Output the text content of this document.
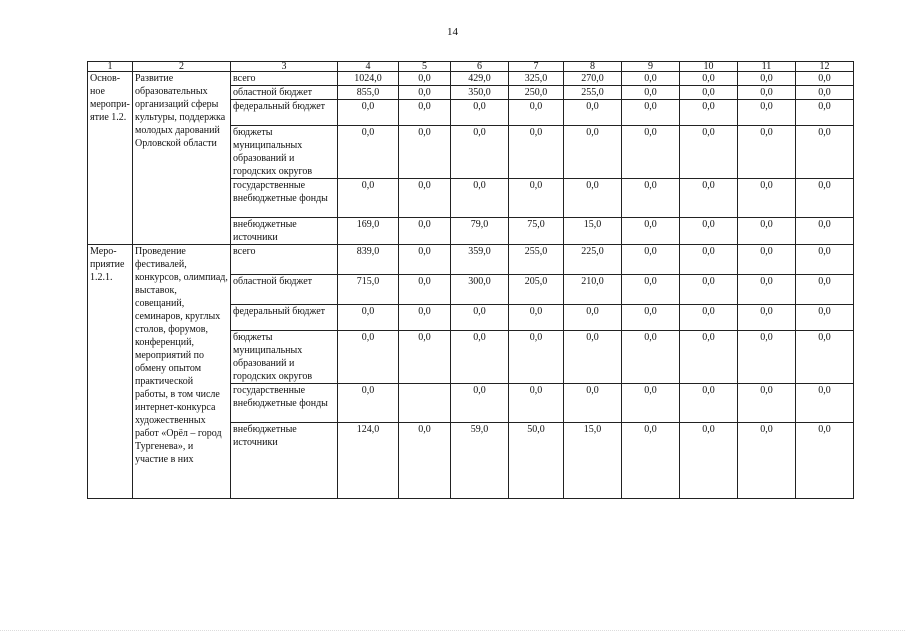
14
1	2	3	4	5	6	7	8	9	10	11	12
Основ-ное меропри-ятие 1.2.	Развитие образовательных организаций сферы культуры, поддержка молодых дарований Орловской области	всего	1024,0	0,0	429,0	325,0	270,0	0,0	0,0	0,0	0,0
		областной бюджет	855,0	0,0	350,0	250,0	255,0	0,0	0,0	0,0	0,0
		федеральный бюджет	0,0	0,0	0,0	0,0	0,0	0,0	0,0	0,0	0,0
		бюджеты муниципальных образований и городских округов	0,0	0,0	0,0	0,0	0,0	0,0	0,0	0,0	0,0
		государственные внебюджетные фонды	0,0	0,0	0,0	0,0	0,0	0,0	0,0	0,0	0,0
		внебюджетные источники	169,0	0,0	79,0	75,0	15,0	0,0	0,0	0,0	0,0
Меро-приятие 1.2.1.	Проведение фестивалей, конкурсов, олимпиад, выставок, совещаний, семинаров, круглых столов, форумов, конференций, мероприятий по обмену опытом практической работы, в том числе интернет-конкурса художественных работ «Орёл – город Тургенева», и участие в них	всего	839,0	0,0	359,0	255,0	225,0	0,0	0,0	0,0	0,0
		областной бюджет	715,0	0,0	300,0	205,0	210,0	0,0	0,0	0,0	0,0
		федеральный бюджет	0,0	0,0	0,0	0,0	0,0	0,0	0,0	0,0	0,0
		бюджеты муниципальных образований и городских округов	0,0	0,0	0,0	0,0	0,0	0,0	0,0	0,0	0,0
		государственные внебюджетные фонды	0,0		0,0	0,0	0,0	0,0	0,0	0,0	0,0
		внебюджетные источники	124,0	0,0	59,0	50,0	15,0	0,0	0,0	0,0	0,0
